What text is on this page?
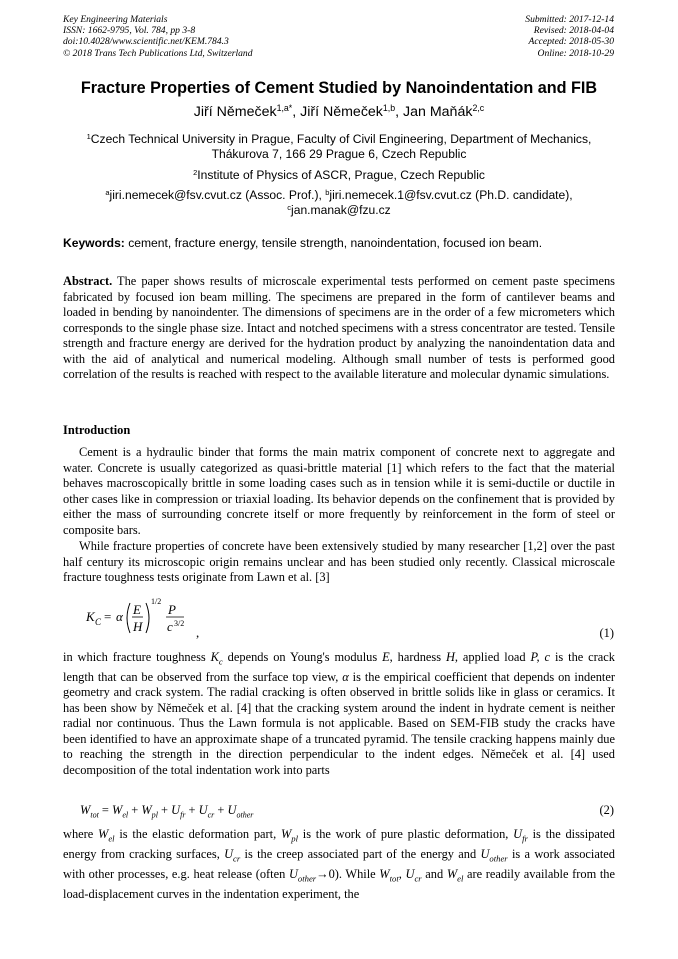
Key Engineering Materials
ISSN: 1662-9795, Vol. 784, pp 3-8
doi:10.4028/www.scientific.net/KEM.784.3
© 2018 Trans Tech Publications Ltd, Switzerland
Submitted: 2017-12-14
Revised: 2018-04-04
Accepted: 2018-05-30
Online: 2018-10-29
Fracture Properties of Cement Studied by Nanoindentation and FIB
Jiří Němeček$^{1,a*}$, Jiří Němeček$^{1,b}$, Jan Maňák$^{2,c}$
$^1$Czech Technical University in Prague, Faculty of Civil Engineering, Department of Mechanics,
Thákurova 7, 166 29 Prague 6, Czech Republic
$^2$Institute of Physics of ASCR, Prague, Czech Republic
$^a$jiri.nemecek@fsv.cvut.cz (Assoc. Prof.), $^b$jiri.nemecek.1@fsv.cvut.cz (Ph.D. candidate),
$^c$jan.manak@fzu.cz
Keywords: cement, fracture energy, tensile strength, nanoindentation, focused ion beam.
Abstract. The paper shows results of microscale experimental tests performed on cement paste specimens fabricated by focused ion beam milling. The specimens are prepared in the form of cantilever beams and loaded in bending by nanoindenter. The dimensions of specimens are in the order of a few micrometers which corresponds to the single phase size. Intact and notched specimens with a stress concentrator are tested. Tensile strength and fracture energy are derived for the hydration product by analyzing the nanoindentation data and with the aid of analytical and numerical modeling. Although small number of tests is performed good correlation of the results is reached with respect to the available literature and molecular dynamic simulations.
Introduction
Cement is a hydraulic binder that forms the main matrix component of concrete next to aggregate and water. Concrete is usually categorized as quasi-brittle material [1] which refers to the fact that the material behaves macroscopically brittle in some loading cases such as in tension while it is semi-ductile or ductile in other cases like in compression or triaxial loading. Its behavior depends on the confinement that is provided by either the mass of surrounding concrete itself or more frequently by reinforcement in the form of steel or composite bars.
While fracture properties of concrete have been extensively studied by many researcher [1,2] over the past half century its microscopic origin remains unclear and has been studied only recently. Classical microscale fracture toughness tests originate from Lawn et al. [3]
K C = α E
H
1/2
P
c 3/2
,	(1)
in which fracture toughness $K_c$ depends on Young's modulus E, hardness H, applied load P, c is the crack length that can be observed from the surface top view, α is the empirical coefficient that depends on indenter geometry and crack system. The radial cracking is often observed in brittle solids like in glass or ceramics. It has been show by Němeček et al. [4] that the cracking system around the indent in hydrate cement is neither radial nor continuous. Thus the Lawn formula is not applicable. Based on SEM-FIB study the cracks have been identified to have an approximate shape of a truncated pyramid. The tensile cracking happens mainly due to reaching the strength in the direction perpendicular to the indent edges. Němeček et al. [4] used decomposition of the total indentation work into parts
$W_{tot} = W_{el} + W_{pl} + U_{fr} + U_{cr} + U_{other}$	(2)
where $W_{el}$ is the elastic deformation part, $W_{pl}$ is the work of pure plastic deformation, $U_{fr}$ is the dissipated energy from cracking surfaces, $U_{cr}$ is the creep associated part of the energy and $U_{other}$ is a work associated with other processes, e.g. heat release (often $U_{other}\to 0$). While $W_{tot}$, $U_{cr}$ and $W_{el}$ are readily available from the load-displacement curves in the indentation experiment, the
